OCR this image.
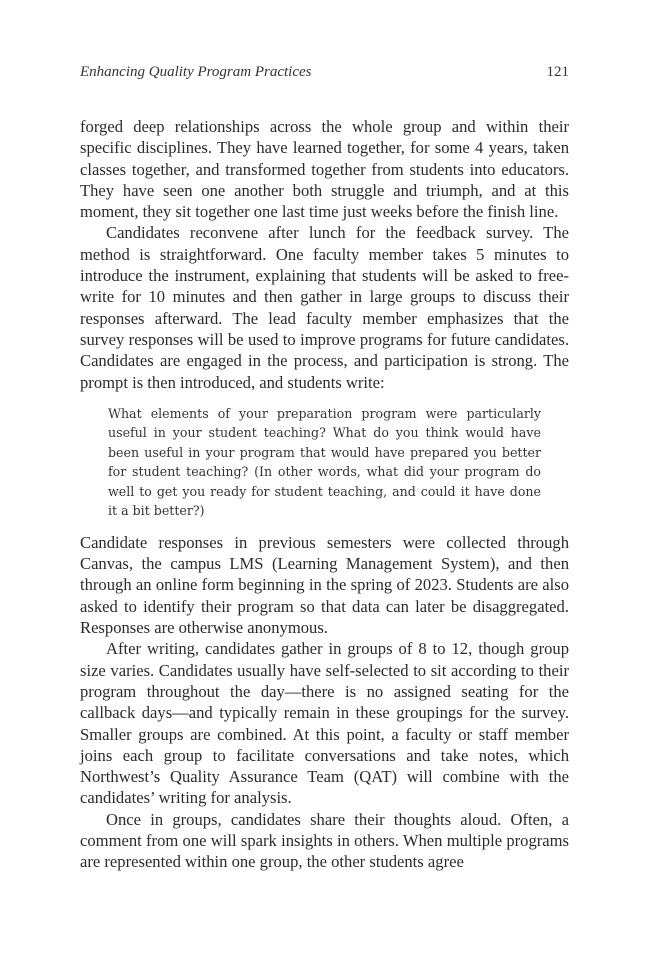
Enhancing Quality Program Practices	121

forged deep relationships across the whole group and within their specific disciplines. They have learned together, for some 4 years, taken classes together, and transformed together from students into educators. They have seen one another both struggle and triumph, and at this moment, they sit together one last time just weeks before the finish line.

Candidates reconvene after lunch for the feedback survey. The method is straightforward. One faculty member takes 5 minutes to introduce the instrument, explaining that students will be asked to free-write for 10 minutes and then gather in large groups to discuss their responses afterward. The lead faculty member emphasizes that the survey responses will be used to improve programs for future candidates. Candidates are engaged in the process, and participation is strong. The prompt is then introduced, and students write:

What elements of your preparation program were particularly useful in your student teaching? What do you think would have been useful in your program that would have prepared you better for student teaching? (In other words, what did your program do well to get you ready for student teaching, and could it have done it a bit better?)

Candidate responses in previous semesters were collected through Canvas, the campus LMS (Learning Management System), and then through an online form beginning in the spring of 2023. Students are also asked to identify their program so that data can later be disaggregated. Responses are otherwise anonymous.

After writing, candidates gather in groups of 8 to 12, though group size varies. Candidates usually have self-selected to sit according to their program throughout the day—there is no assigned seating for the callback days—and typically remain in these groupings for the survey. Smaller groups are combined. At this point, a faculty or staff member joins each group to facilitate conversations and take notes, which Northwest’s Quality Assurance Team (QAT) will combine with the candidates’ writing for analysis.

Once in groups, candidates share their thoughts aloud. Often, a comment from one will spark insights in others. When multiple programs are represented within one group, the other students agree
